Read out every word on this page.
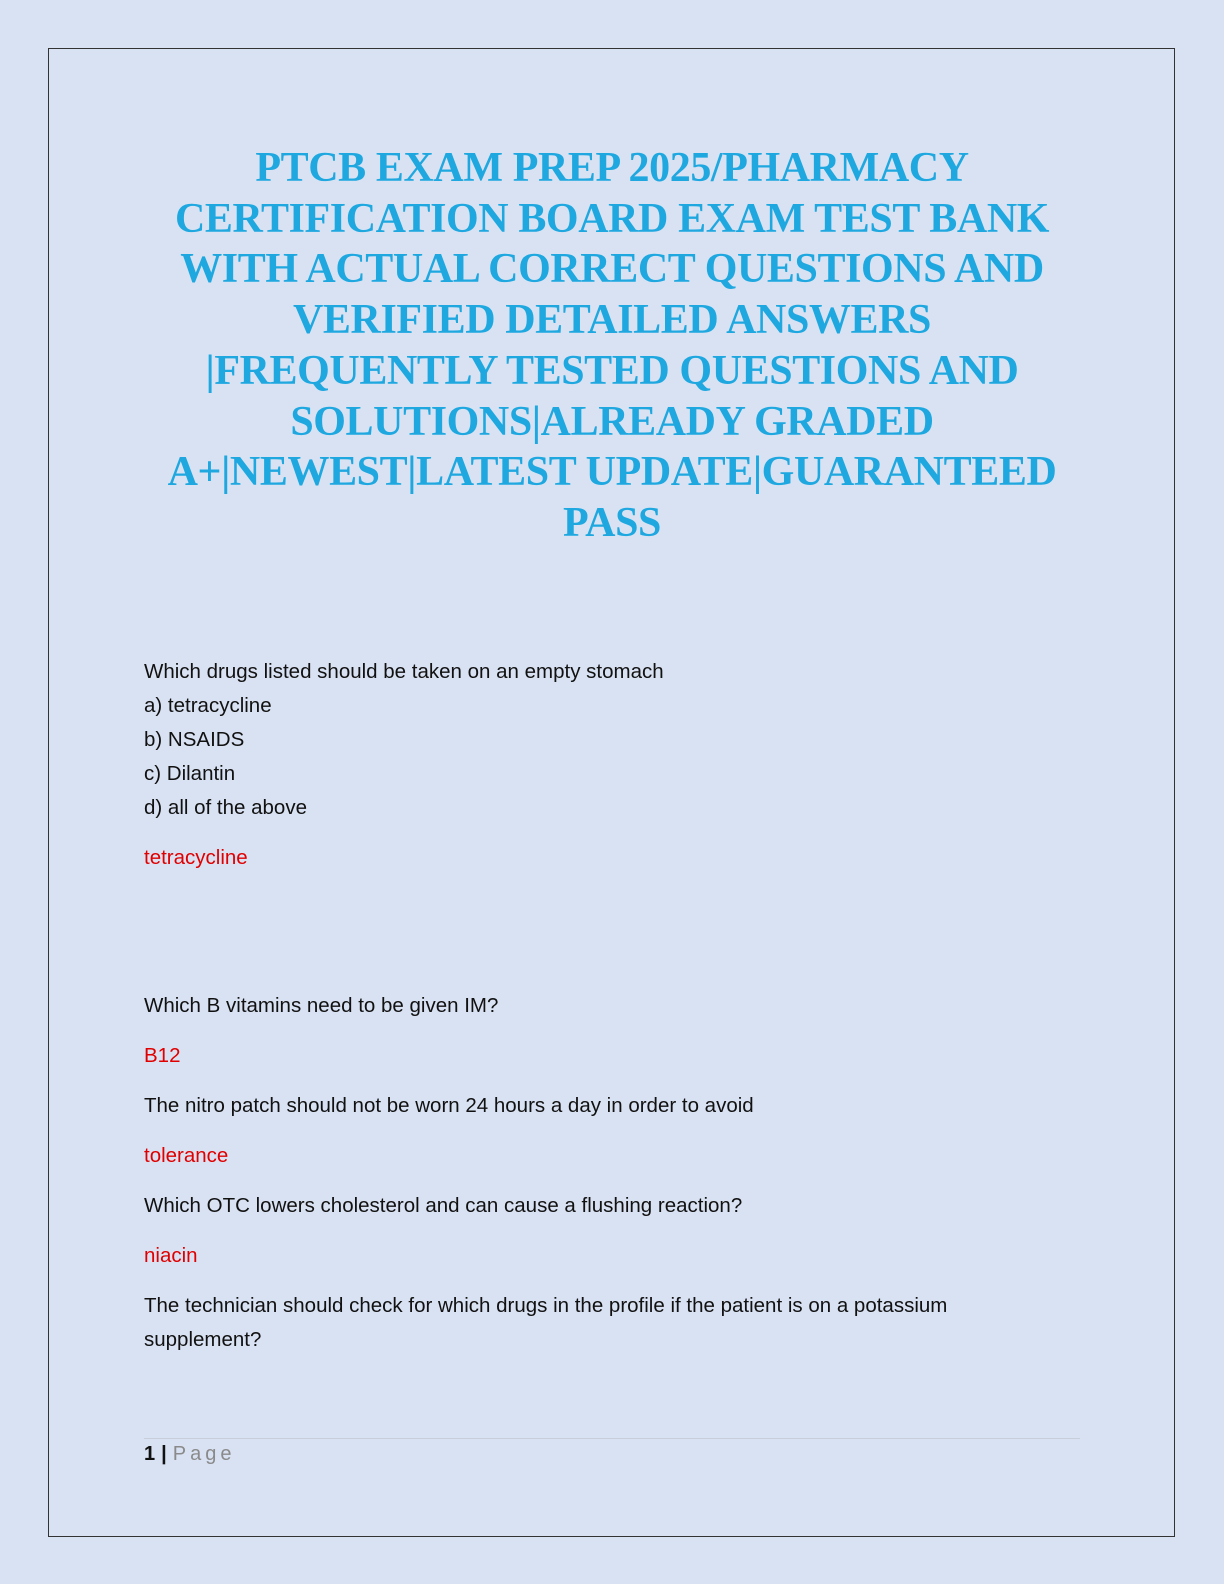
PTCB EXAM PREP 2025/PHARMACY
CERTIFICATION BOARD EXAM TEST BANK
WITH ACTUAL CORRECT QUESTIONS AND
VERIFIED DETAILED ANSWERS
|FREQUENTLY TESTED QUESTIONS AND
SOLUTIONS|ALREADY GRADED
A+|NEWEST|LATEST UPDATE|GUARANTEED
PASS
Which drugs listed should be taken on an empty stomach
a) tetracycline
b) NSAIDS
c) Dilantin
d) all of the above
tetracycline
Which B vitamins need to be given IM?
B12
The nitro patch should not be worn 24 hours a day in order to avoid
tolerance
Which OTC lowers cholesterol and can cause a flushing reaction?
niacin
The technician should check for which drugs in the profile if the patient is on a potassium
supplement?
1 | Page
